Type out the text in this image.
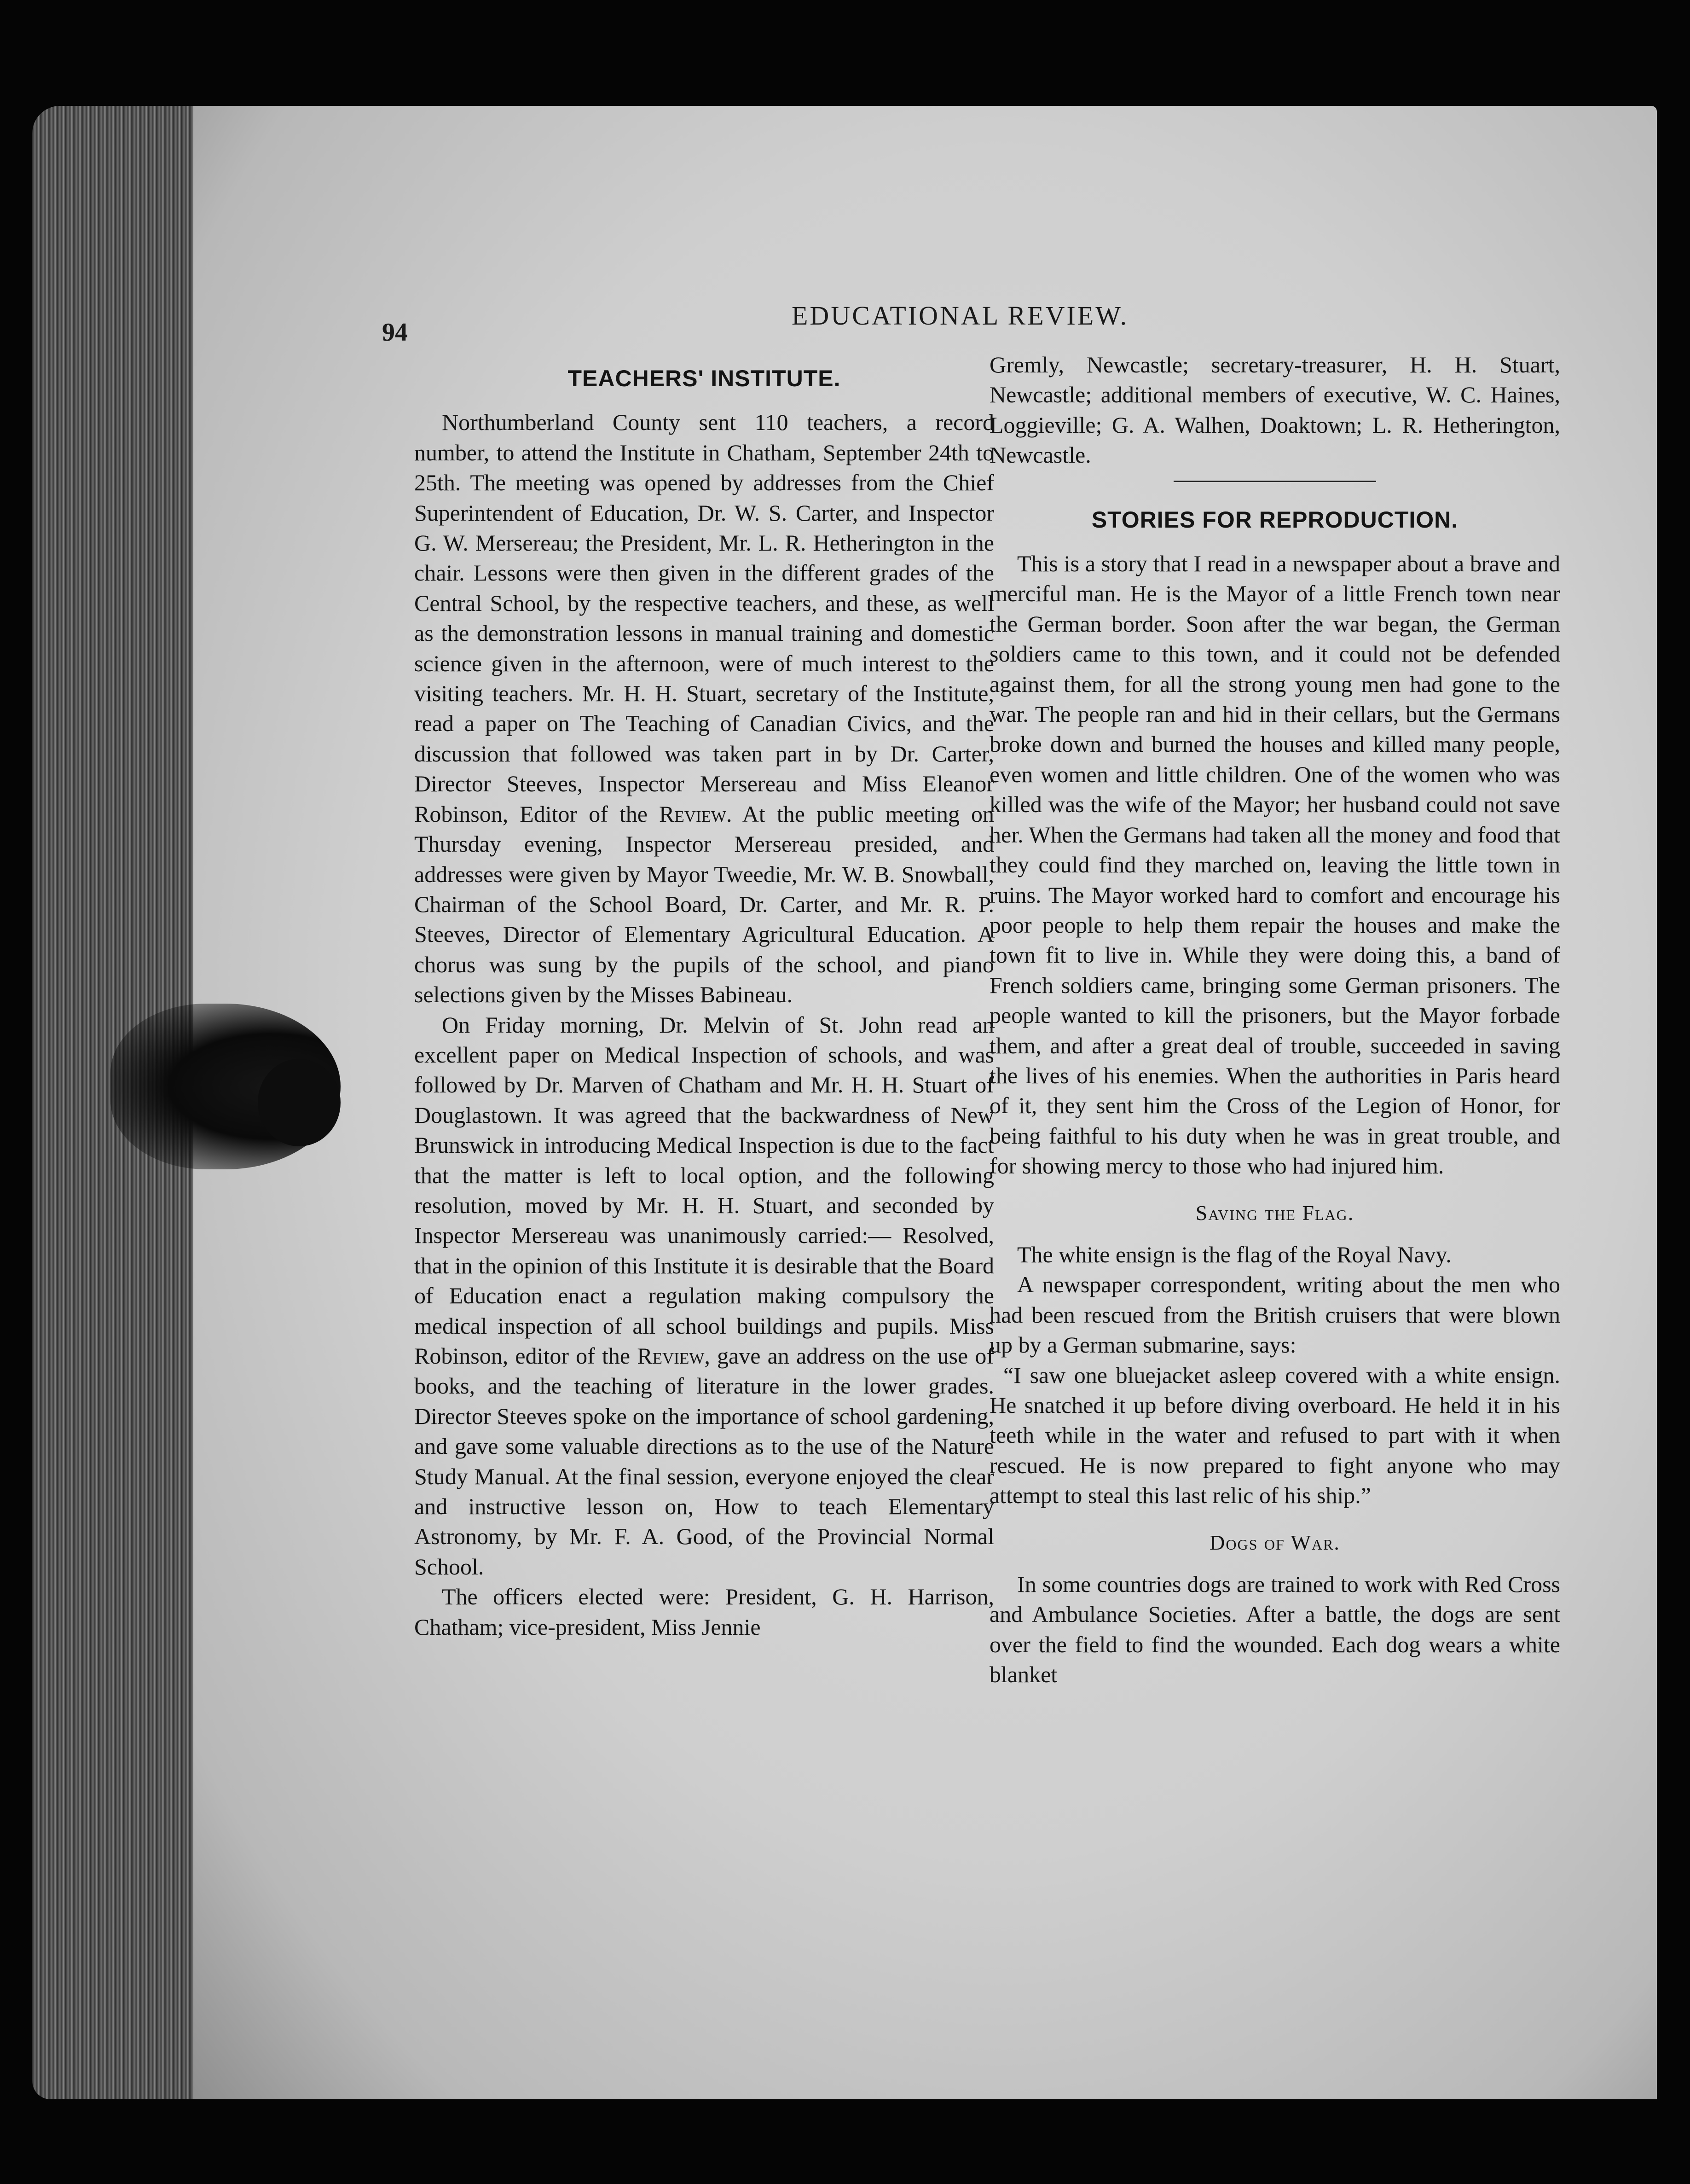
94
EDUCATIONAL REVIEW.
TEACHERS' INSTITUTE.

Northumberland County sent 110 teachers, a record number, to attend the Institute in Chatham, September 24th to 25th. The meeting was opened by addresses from the Chief Superintendent of Education, Dr. W. S. Carter, and Inspector G. W. Mersereau; the President, Mr. L. R. Hetherington in the chair. Lessons were then given in the different grades of the Central School, by the respective teachers, and these, as well as the demonstration lessons in manual training and domestic science given in the afternoon, were of much interest to the visiting teachers. Mr. H. H. Stuart, secretary of the Institute, read a paper on The Teaching of Canadian Civics, and the discussion that followed was taken part in by Dr. Carter, Director Steeves, Inspector Mersereau and Miss Eleanor Robinson, Editor of the Review. At the public meeting on Thursday evening, Inspector Mersereau presided, and addresses were given by Mayor Tweedie, Mr. W. B. Snowball, Chairman of the School Board, Dr. Carter, and Mr. R. P. Steeves, Director of Elementary Agricultural Education. A chorus was sung by the pupils of the school, and piano selections given by the Misses Babineau.

On Friday morning, Dr. Melvin of St. John read an excellent paper on Medical Inspection of schools, and was followed by Dr. Marven of Chatham and Mr. H. H. Stuart of Douglastown. It was agreed that the backwardness of New Brunswick in introducing Medical Inspection is due to the fact that the matter is left to local option, and the following resolution, moved by Mr. H. H. Stuart, and seconded by Inspector Mersereau was unanimously carried:— Resolved, that in the opinion of this Institute it is desirable that the Board of Education enact a regulation making compulsory the medical inspection of all school buildings and pupils. Miss Robinson, editor of the Review, gave an address on the use of books, and the teaching of literature in the lower grades. Director Steeves spoke on the importance of school gardening, and gave some valuable directions as to the use of the Nature Study Manual. At the final session, everyone enjoyed the clear and instructive lesson on, How to teach Elementary Astronomy, by Mr. F. A. Good, of the Provincial Normal School.

The officers elected were: President, G. H. Harrison, Chatham; vice-president, Miss Jennie

Gremly, Newcastle; secretary-treasurer, H. H. Stuart, Newcastle; additional members of executive, W. C. Haines, Loggieville; G. A. Walhen, Doaktown; L. R. Hetherington, Newcastle.

STORIES FOR REPRODUCTION.

This is a story that I read in a newspaper about a brave and merciful man. He is the Mayor of a little French town near the German border. Soon after the war began, the German soldiers came to this town, and it could not be defended against them, for all the strong young men had gone to the war. The people ran and hid in their cellars, but the Germans broke down and burned the houses and killed many people, even women and little children. One of the women who was killed was the wife of the Mayor; her husband could not save her. When the Germans had taken all the money and food that they could find they marched on, leaving the little town in ruins. The Mayor worked hard to comfort and encourage his poor people to help them repair the houses and make the town fit to live in. While they were doing this, a band of French soldiers came, bringing some German prisoners. The people wanted to kill the prisoners, but the Mayor forbade them, and after a great deal of trouble, succeeded in saving the lives of his enemies. When the authorities in Paris heard of it, they sent him the Cross of the Legion of Honor, for being faithful to his duty when he was in great trouble, and for showing mercy to those who had injured him.

Saving the Flag.

The white ensign is the flag of the Royal Navy.

A newspaper correspondent, writing about the men who had been rescued from the British cruisers that were blown up by a German submarine, says:

“I saw one bluejacket asleep covered with a white ensign. He snatched it up before diving overboard. He held it in his teeth while in the water and refused to part with it when rescued. He is now prepared to fight anyone who may attempt to steal this last relic of his ship.”

Dogs of War.

In some countries dogs are trained to work with Red Cross and Ambulance Societies. After a battle, the dogs are sent over the field to find the wounded. Each dog wears a white blanket
